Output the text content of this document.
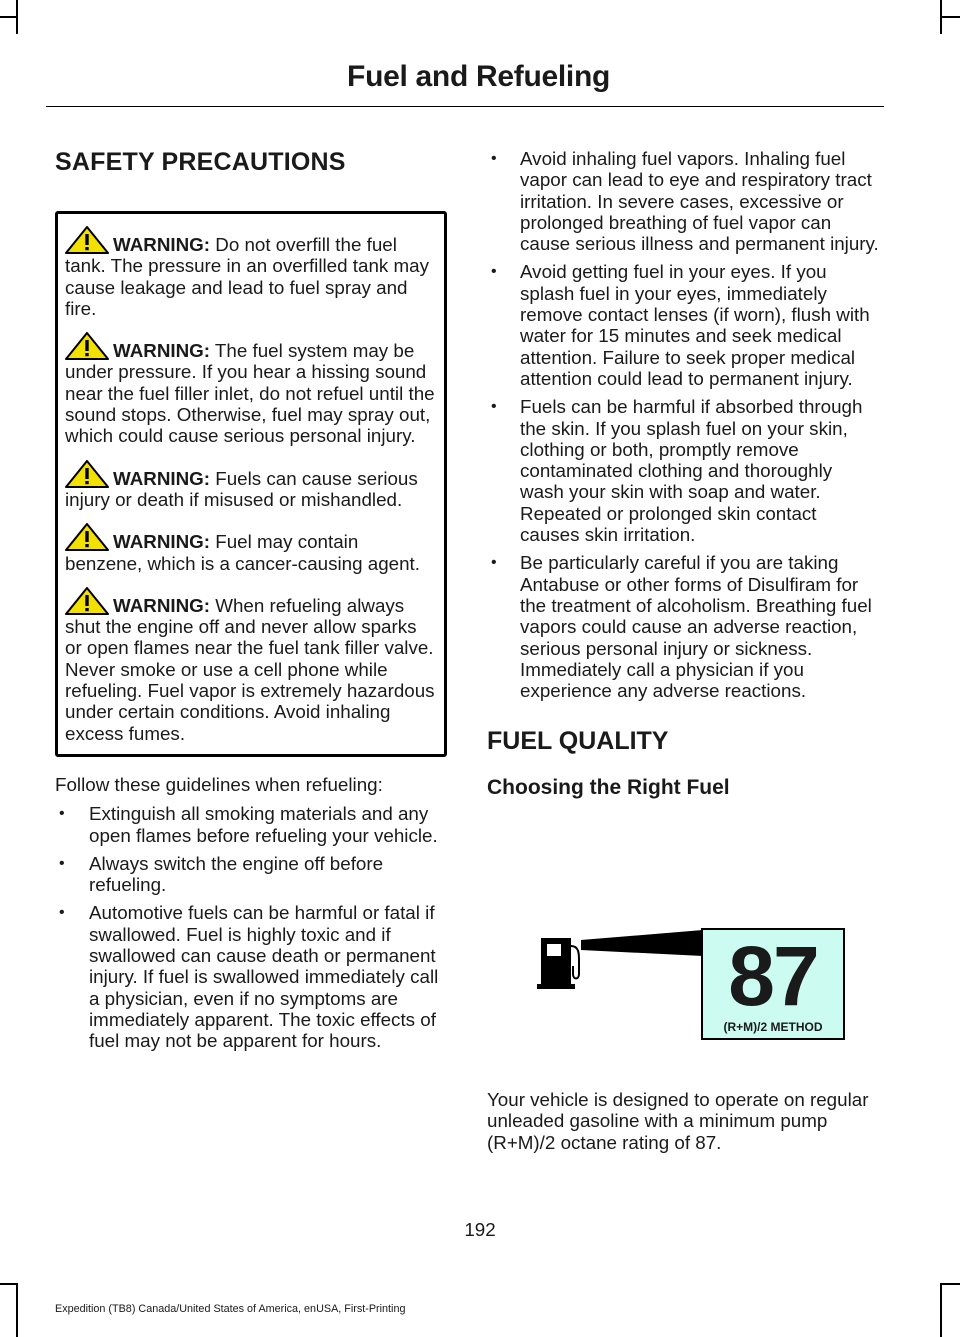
Fuel and Refueling
SAFETY PRECAUTIONS

WARNING: Do not overfill the fuel tank. The pressure in an overfilled tank may cause leakage and lead to fuel spray and fire.

WARNING: The fuel system may be under pressure. If you hear a hissing sound near the fuel filler inlet, do not refuel until the sound stops. Otherwise, fuel may spray out, which could cause serious personal injury.

WARNING: Fuels can cause serious injury or death if misused or mishandled.

WARNING: Fuel may contain benzene, which is a cancer-causing agent.

WARNING: When refueling always shut the engine off and never allow sparks or open flames near the fuel tank filler valve. Never smoke or use a cell phone while refueling. Fuel vapor is extremely hazardous under certain conditions. Avoid inhaling excess fumes.

Follow these guidelines when refueling:

• Extinguish all smoking materials and any open flames before refueling your vehicle.
• Always switch the engine off before refueling.
• Automotive fuels can be harmful or fatal if swallowed. Fuel is highly toxic and if swallowed can cause death or permanent injury. If fuel is swallowed immediately call a physician, even if no symptoms are immediately apparent. The toxic effects of fuel may not be apparent for hours.
• Avoid inhaling fuel vapors. Inhaling fuel vapor can lead to eye and respiratory tract irritation. In severe cases, excessive or prolonged breathing of fuel vapor can cause serious illness and permanent injury.
• Avoid getting fuel in your eyes. If you splash fuel in your eyes, immediately remove contact lenses (if worn), flush with water for 15 minutes and seek medical attention. Failure to seek proper medical attention could lead to permanent injury.
• Fuels can be harmful if absorbed through the skin. If you splash fuel on your skin, clothing or both, promptly remove contaminated clothing and thoroughly wash your skin with soap and water. Repeated or prolonged skin contact causes skin irritation.
• Be particularly careful if you are taking Antabuse or other forms of Disulfiram for the treatment of alcoholism. Breathing fuel vapors could cause an adverse reaction, serious personal injury or sickness. Immediately call a physician if you experience any adverse reactions.
FUEL QUALITY
Choosing the Right Fuel
87
(R+M)/2 METHOD

Your vehicle is designed to operate on regular unleaded gasoline with a minimum pump (R+M)/2 octane rating of 87.

192
Expedition (TB8) Canada/United States of America, enUSA, First-Printing
